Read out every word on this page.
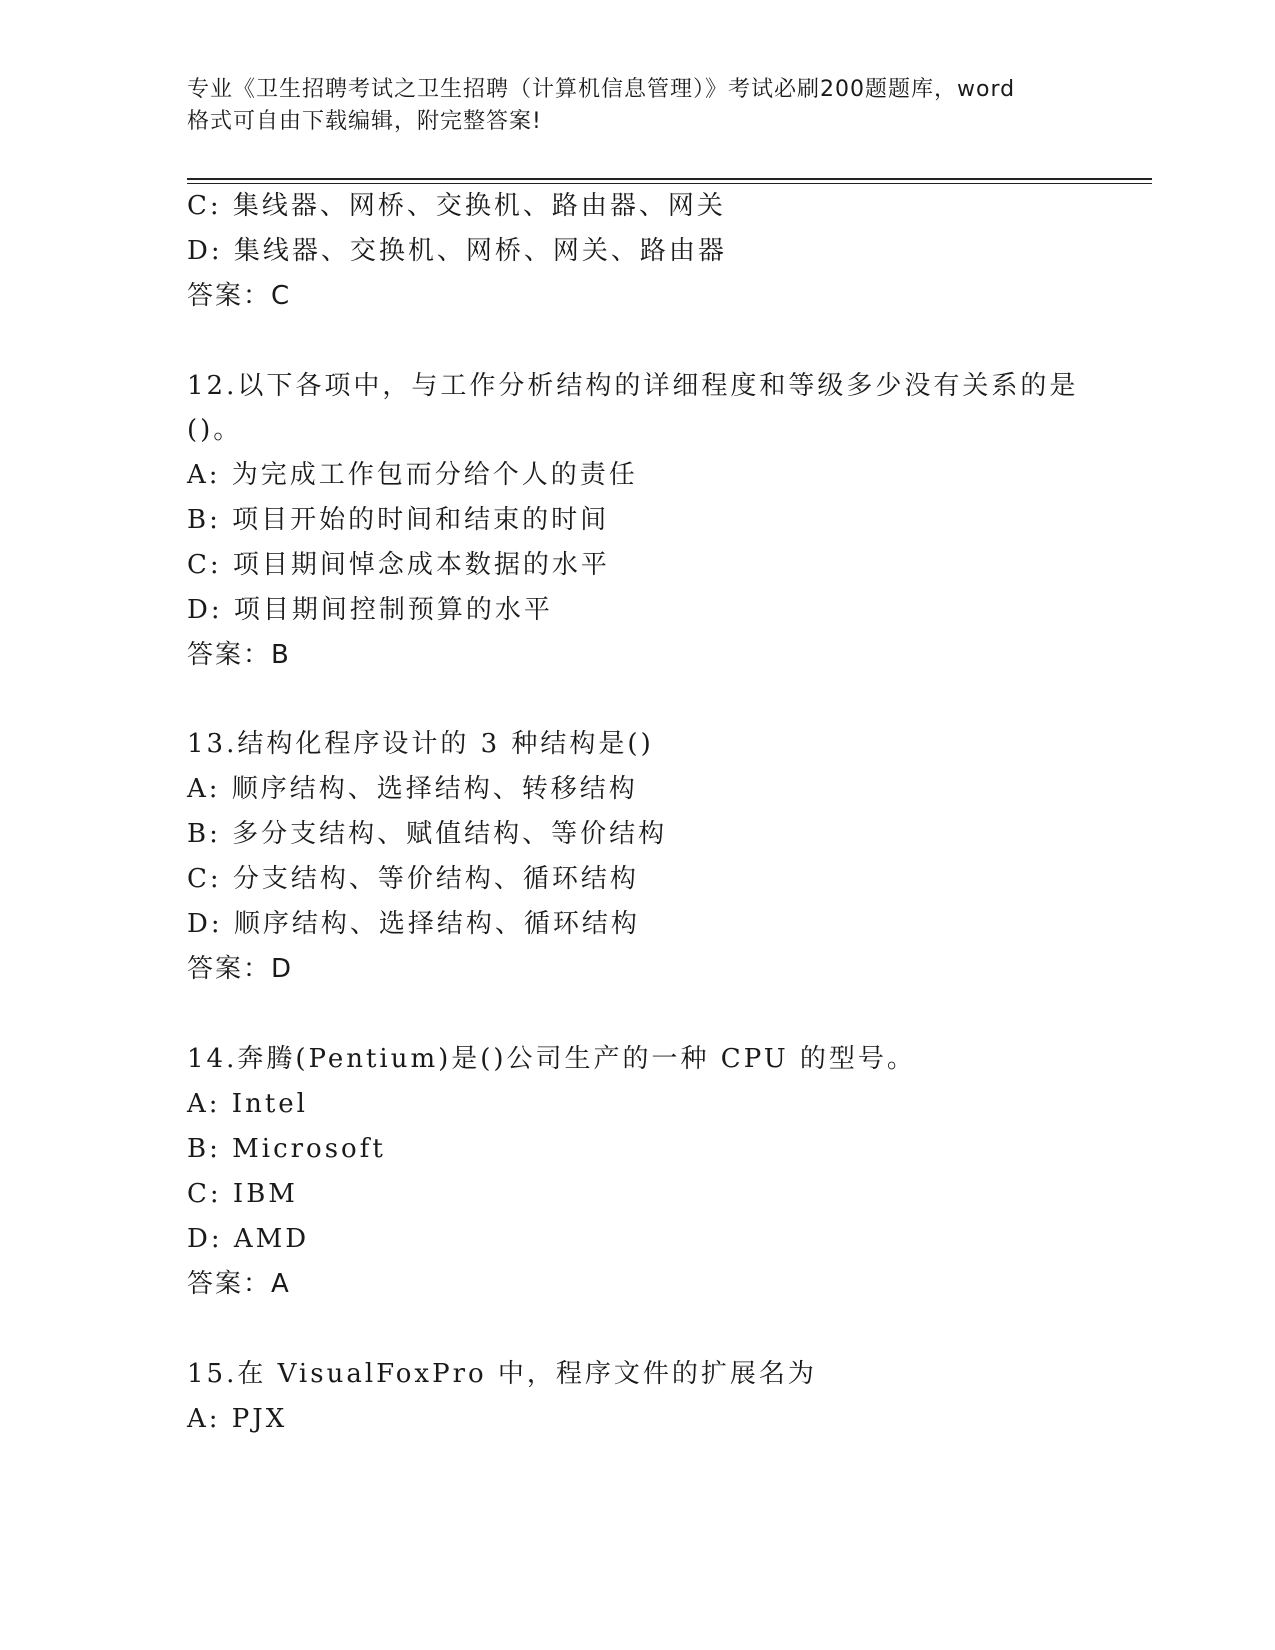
专业《卫生招聘考试之卫生招聘（计算机信息管理）》考试必刷200题题库，word
格式可自由下载编辑，附完整答案!
C: 集线器、网桥、交换机、路由器、网关
D: 集线器、交换机、网桥、网关、路由器
答案：C
12.以下各项中，与工作分析结构的详细程度和等级多少没有关系的是
()。
A: 为完成工作包而分给个人的责任
B: 项目开始的时间和结束的时间
C: 项目期间悼念成本数据的水平
D: 项目期间控制预算的水平
答案：B
13.结构化程序设计的 3 种结构是()
A: 顺序结构、选择结构、转移结构
B: 多分支结构、赋值结构、等价结构
C: 分支结构、等价结构、循环结构
D: 顺序结构、选择结构、循环结构
答案：D
14.奔腾(Pentium)是()公司生产的一种 CPU 的型号。
A: Intel
B: Microsoft
C: IBM
D: AMD
答案：A
15.在 VisualFoxPro 中，程序文件的扩展名为
A: PJX
